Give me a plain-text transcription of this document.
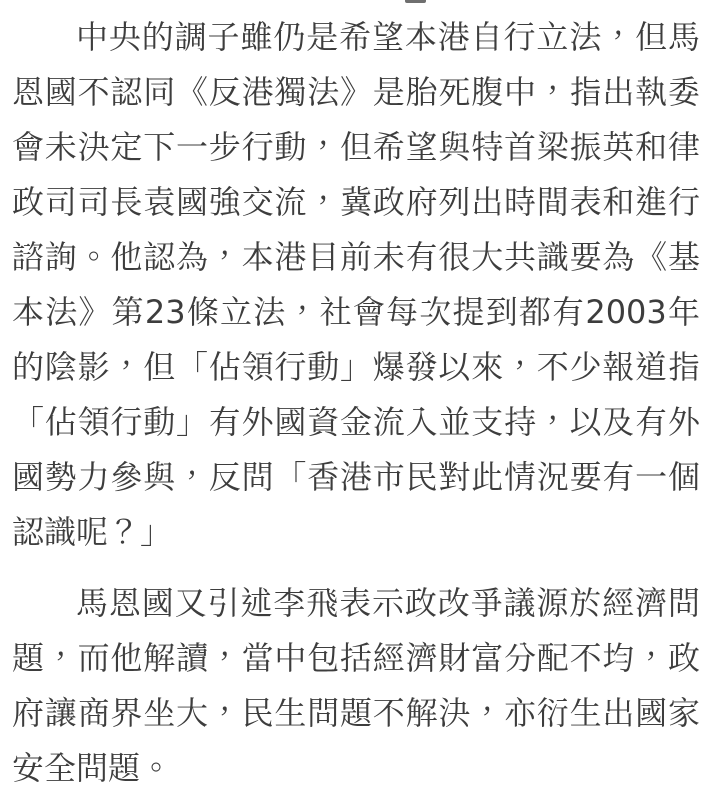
中央的調子雖仍是希望本港自行立法，但馬恩國不認同《反港獨法》是胎死腹中，指出執委會未決定下一步行動，但希望與特首梁振英和律政司司長袁國強交流，冀政府列出時間表和進行諮詢。他認為，本港目前未有很大共識要為《基本法》第23條立法，社會每次提到都有2003年的陰影，但「佔領行動」爆發以來，不少報道指「佔領行動」有外國資金流入並支持，以及有外國勢力參與，反問「香港市民對此情況要有一個認識呢？」

馬恩國又引述李飛表示政改爭議源於經濟問題，而他解讀，當中包括經濟財富分配不均，政府讓商界坐大，民生問題不解決，亦衍生出國家安全問題。
